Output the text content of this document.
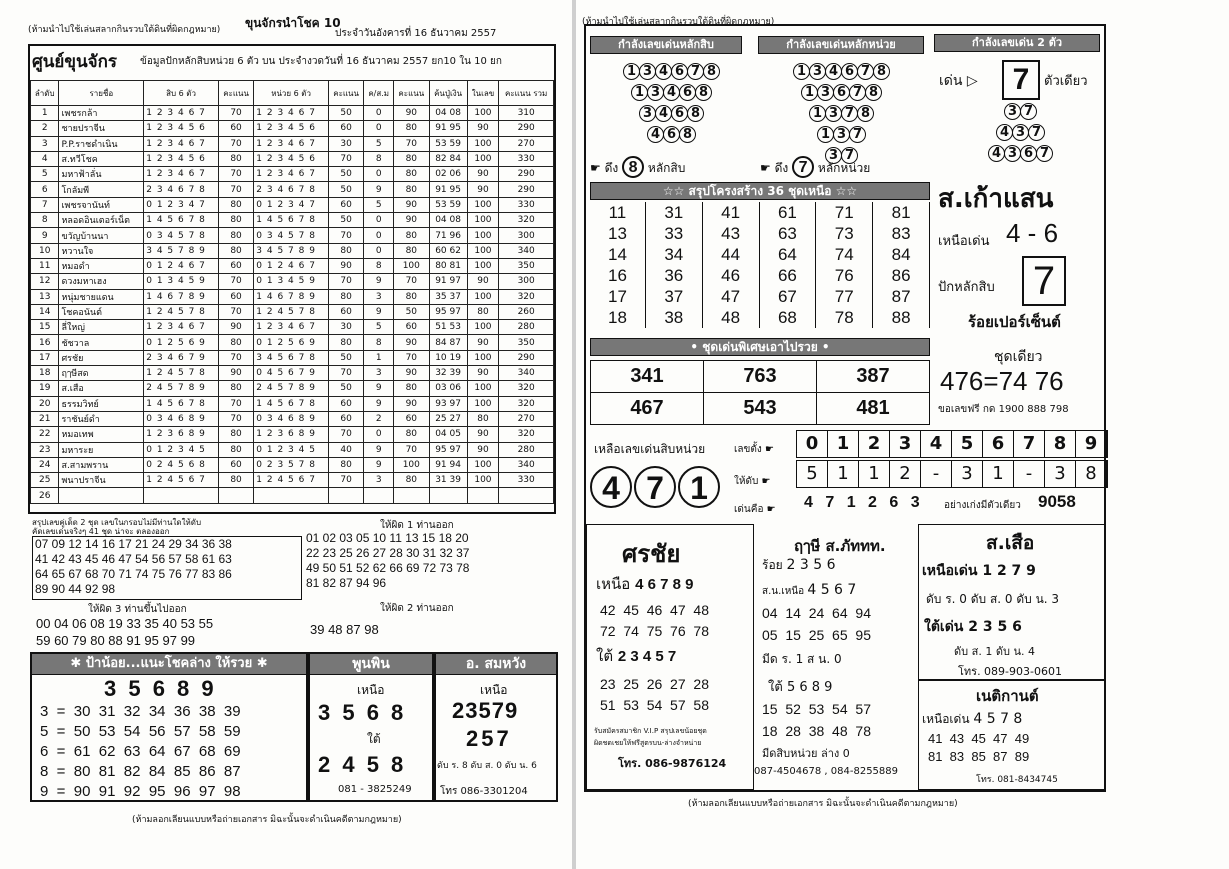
(ห้ามนำไปใช้เล่นสลากกินรวบใต้ดินที่ผิดกฎหมาย) ขุนจักรนำโชค 10
ประจำวันอังคารที่ 16 ธันวาคม 2557
ศูนย์ขุนจักร ข้อมูลปักหลักสิบหน่วย 6 ตัว บน ประจำงวดวันที่ 16 ธันวาคม 2557 ยก10 ใน 10 ยก
ลำดับ	รายชื่อ	สิบ 6 ตัว	คะแนน	หน่วย 6 ตัว	คะแนน	ค/ส.ม	คะแนน	ค้นปู่เงิน	ในเลข	คะแนน รวม
1	เพชรกล้า	1 2 3 4 6 7	70	1 2 3 4 6 7	50	0	90	04 08	100	310
2	ชายปราจีน	1 2 3 4 5 6	60	1 2 3 4 5 6	60	0	80	91 95	90	290
3	P.P.ราชดำเนิน	1 2 3 4 6 7	70	1 2 3 4 6 7	30	5	70	53 59	100	270
4	ส.ทวีโชค	1 2 3 4 5 6	80	1 2 3 4 5 6	70	8	80	82 84	100	330
5	มหาฟ้าลั่น	1 2 3 4 6 7	70	1 2 3 4 6 7	50	0	80	02 06	90	290
6	โกลัมพี	2 3 4 6 7 8	70	2 3 4 6 7 8	50	9	80	91 95	90	290
7	เพชรจานันท์	0 1 2 3 4 7	80	0 1 2 3 4 7	60	5	90	53 59	100	330
8	หลอดอินเตอร์เน็ต	1 4 5 6 7 8	80	1 4 5 6 7 8	50	0	90	04 08	100	320
9	ขวัญบ้านนา	0 3 4 5 7 8	80	0 3 4 5 7 8	70	0	80	71 96	100	300
10	หวานใจ	3 4 5 7 8 9	80	3 4 5 7 8 9	80	0	80	60 62	100	340
11	หมอดำ	0 1 2 4 6 7	60	0 1 2 4 6 7	90	8	100	80 81	100	350
12	ดวงมหาเฮง	0 1 3 4 5 9	70	0 1 3 4 5 9	70	9	70	91 97	90	300
13	หนุ่มชายแดน	1 4 6 7 8 9	60	1 4 6 7 8 9	80	3	80	35 37	100	320
14	โชคอนันต์	1 2 4 5 7 8	70	1 2 4 5 7 8	60	9	50	95 97	80	260
15	ลี่ใหญ่	1 2 3 4 6 7	90	1 2 3 4 6 7	30	5	60	51 53	100	280
16	ชัชวาล	0 1 2 5 6 9	80	0 1 2 5 6 9	80	8	90	84 87	90	350
17	ศรชัย	2 3 4 6 7 9	70	3 4 5 6 7 8	50	1	70	10 19	100	290
18	ฤๅษีสด	1 2 4 5 7 8	90	0 4 5 6 7 9	70	3	90	32 39	90	340
19	ส.เสือ	2 4 5 7 8 9	80	2 4 5 7 8 9	50	9	80	03 06	100	320
20	ธรรมวิทย์	1 4 5 6 7 8	70	1 4 5 6 7 8	60	9	90	93 97	100	320
21	ราชันย์ดำ	0 3 4 6 8 9	70	0 3 4 6 8 9	60	2	60	25 27	80	270
22	หมอเทพ	1 2 3 6 8 9	80	1 2 3 6 8 9	70	0	80	04 05	90	320
23	มหาระย	0 1 2 3 4 5	80	0 1 2 3 4 5	40	9	70	95 97	90	280
24	ส.สามพราน	0 2 4 5 6 8	60	0 2 3 5 7 8	80	9	100	91 94	100	340
25	พนาปราจีน	1 2 4 5 6 7	80	1 2 4 5 6 7	70	3	80	31 39	100	330
26										
สรุปเลขคู่เด็ด 2 ชุด เลขในกรอบไม่มีท่านใดให้ดับ
คัดเลขเด่นจริงๆ 41 ชุด น่าจะ ตลองออก
07 09 12 14 16 17 21 24 29 34 36 38
41 42 43 45 46 47 54 56 57 58 61 63
64 65 67 68 70 71 74 75 76 77 83 86
89 90 44 92 98
ให้ผิด 1 ท่านออก
01 02 03 05 10 11 13 15 18 20
22 23 25 26 27 28 30 31 32 37
49 50 51 52 62 66 69 72 73 78
81 82 87 94 96
ให้ผิด 3 ท่านขึ้นไปออก
00 04 06 08 19 33 35 40 53 55
59 60 79 80 88 91 95 97 99
ให้ผิด 2 ท่านออก
39 48 87 98
✱ ป้าน้อย...แนะโชคล่าง ให้รวย ✱
3 5 6 8 9
3  =  30  31  32  34  36  38  39
5  =  50  53  54  56  57  58  59
6  =  61  62  63  64  67  68  69
8  =  80  81  82  84  85  86  87
9  =  90  91  92  95  96  97  98
พูนพิน
เหนือ
3 5 6 8
ใต้
2 4 5 8
081 - 3825249
อ. สมหวัง
เหนือ
23579
257
ดับ ร. 8 ดับ ส. 0 ดับ น. 6
โทร 086-3301204
(ห้ามลอกเลียนแบบหรือถ่ายเอกสาร มิฉะนั้นจะดำเนินคดีตามกฎหมาย)
(ห้ามนำไปใช้เล่นสลากกินรวบใต้ดินที่ผิดกฎหมาย)
กำลังเลขเด่นหลักสิบ
1 3 4 6 7 8
1 3 4 6 8
3 4 6 8
4 6 8
☛ ดึง 8 หลักสิบ
กำลังเลขเด่นหลักหน่วย
1 3 4 6 7 8
1 3 6 7 8
1 3 7 8
1 3 7
3 7
☛ ดึง 7 หลักหน่วย
กำลังเลขเด่น 2 ตัว
เด่น ▷	7	ตัวเดียว
3 7
4 3 7
4 3 6 7
☆☆ สรุปโครงสร้าง 36 ชุดเหนือ ☆☆
11	31	41	61	71	81
13	33	43	63	73	83
14	34	44	64	74	84
16	36	46	66	76	86
17	37	47	67	77	87
18	38	48	68	78	88
• ชุดเด่นพิเศษเอาไปรวย •
341	763	387
467	543	481
ส.เก้าแสน
เหนือเด่น 4 - 6
ปักหลักสิบ 7
ร้อยเปอร์เซ็นต์
ชุดเดียว
476=74 76
ขอเลขฟรี กด 1900 888 798
เหลือเลขเด่นสิบหน่วย
4 7 1
เลขตั้ง ☛
ให้ดับ ☛
เด่นคือ ☛
0 1 2 3 4 5 6 7 8 9
5 1 1 2 - 3 1 - 3 8
4 7 1 2 6 3 อย่างเก่งมีตัวเดียว 9058
ศรชัย
เหนือ 4 6 7 8 9
42  45  46  47  48
72  74  75  76  78
ใต้ 2 3 4 5 7
23  25  26  27  28
51  53  54  57  58
รับสมัครสมาชิก V.I.P สรุปเลขน้อยชุด
ผิดชดเชยให้ฟรีสูตรบน-ล่างจำหน่าย
โทร. 086-9876124
ฤๅษี ส.ภัททท.
ร้อย 2 3 5 6
ส.น.เหนือ 4 5 6 7
04  14  24  64  94
05  15  25  65  95
มีด ร. 1 ส น. 0
ใต้ 5 6 8 9
15  52  53  54  57
18  28  38  48  78
มีดสิบหน่วย ล่าง 0
087-4504678 , 084-8255889
ส.เสือ
เหนือเด่น 1 2 7 9
ดับ ร. 0 ดับ ส. 0 ดับ น. 3
ใต้เด่น 2 3 5 6
ดับ ส. 1 ดับ น. 4
โทร. 089-903-0601
เนติกานต์
เหนือเด่น 4 5 7 8
41  43  45  47  49
81  83  85  87  89
โทร. 081-8434745
(ห้ามลอกเลียนแบบหรือถ่ายเอกสาร มิฉะนั้นจะดำเนินคดีตามกฎหมาย)
